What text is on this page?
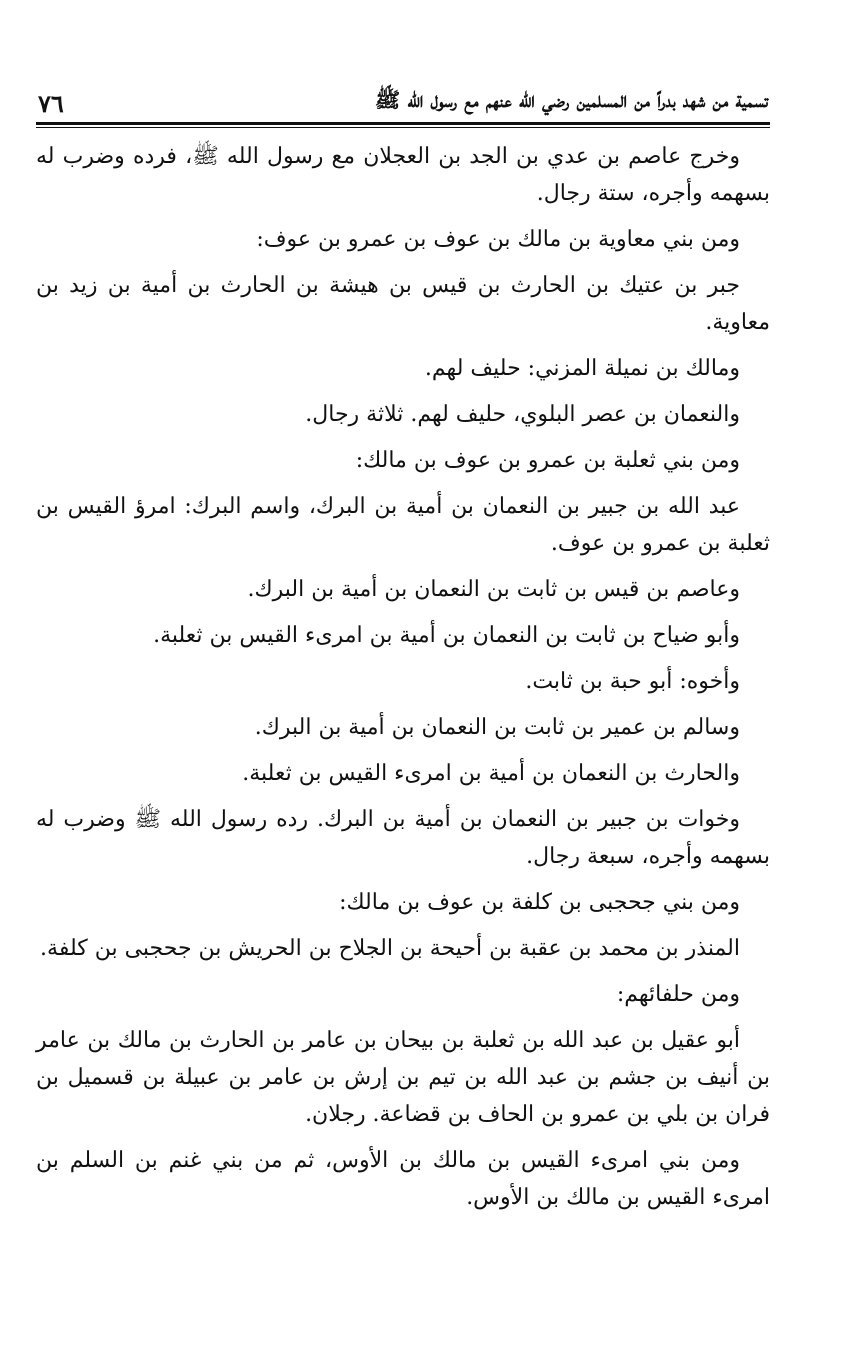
تسمية من شهد بدراً من المسلمين رضي الله عنهم مع رسول الله ﷺ
٧٦

وخرج عاصم بن عدي بن الجد بن العجلان مع رسول الله ﷺ، فرده وضرب له بسهمه وأجره، ستة رجال.

ومن بني معاوية بن مالك بن عوف بن عمرو بن عوف:

جبر بن عتيك بن الحارث بن قيس بن هيشة بن الحارث بن أمية بن زيد بن معاوية.

ومالك بن نميلة المزني: حليف لهم.

والنعمان بن عصر البلوي، حليف لهم. ثلاثة رجال.

ومن بني ثعلبة بن عمرو بن عوف بن مالك:

عبد الله بن جبير بن النعمان بن أمية بن البرك، واسم البرك: امرؤ القيس بن ثعلبة بن عمرو بن عوف.

وعاصم بن قيس بن ثابت بن النعمان بن أمية بن البرك.

وأبو ضياح بن ثابت بن النعمان بن أمية بن امرىء القيس بن ثعلبة.

وأخوه: أبو حبة بن ثابت.

وسالم بن عمير بن ثابت بن النعمان بن أمية بن البرك.

والحارث بن النعمان بن أمية بن امرىء القيس بن ثعلبة.

وخوات بن جبير بن النعمان بن أمية بن البرك. رده رسول الله ﷺ وضرب له بسهمه وأجره، سبعة رجال.

ومن بني جحجبى بن كلفة بن عوف بن مالك:

المنذر بن محمد بن عقبة بن أحيحة بن الجلاح بن الحريش بن جحجبى بن كلفة.

ومن حلفائهم:

أبو عقيل بن عبد الله بن ثعلبة بن بيحان بن عامر بن الحارث بن مالك بن عامر بن أنيف بن جشم بن عبد الله بن تيم بن إرش بن عامر بن عبيلة بن قسميل بن فران بن بلي بن عمرو بن الحاف بن قضاعة. رجلان.

ومن بني امرىء القيس بن مالك بن الأوس، ثم من بني غنم بن السلم بن امرىء القيس بن مالك بن الأوس.
